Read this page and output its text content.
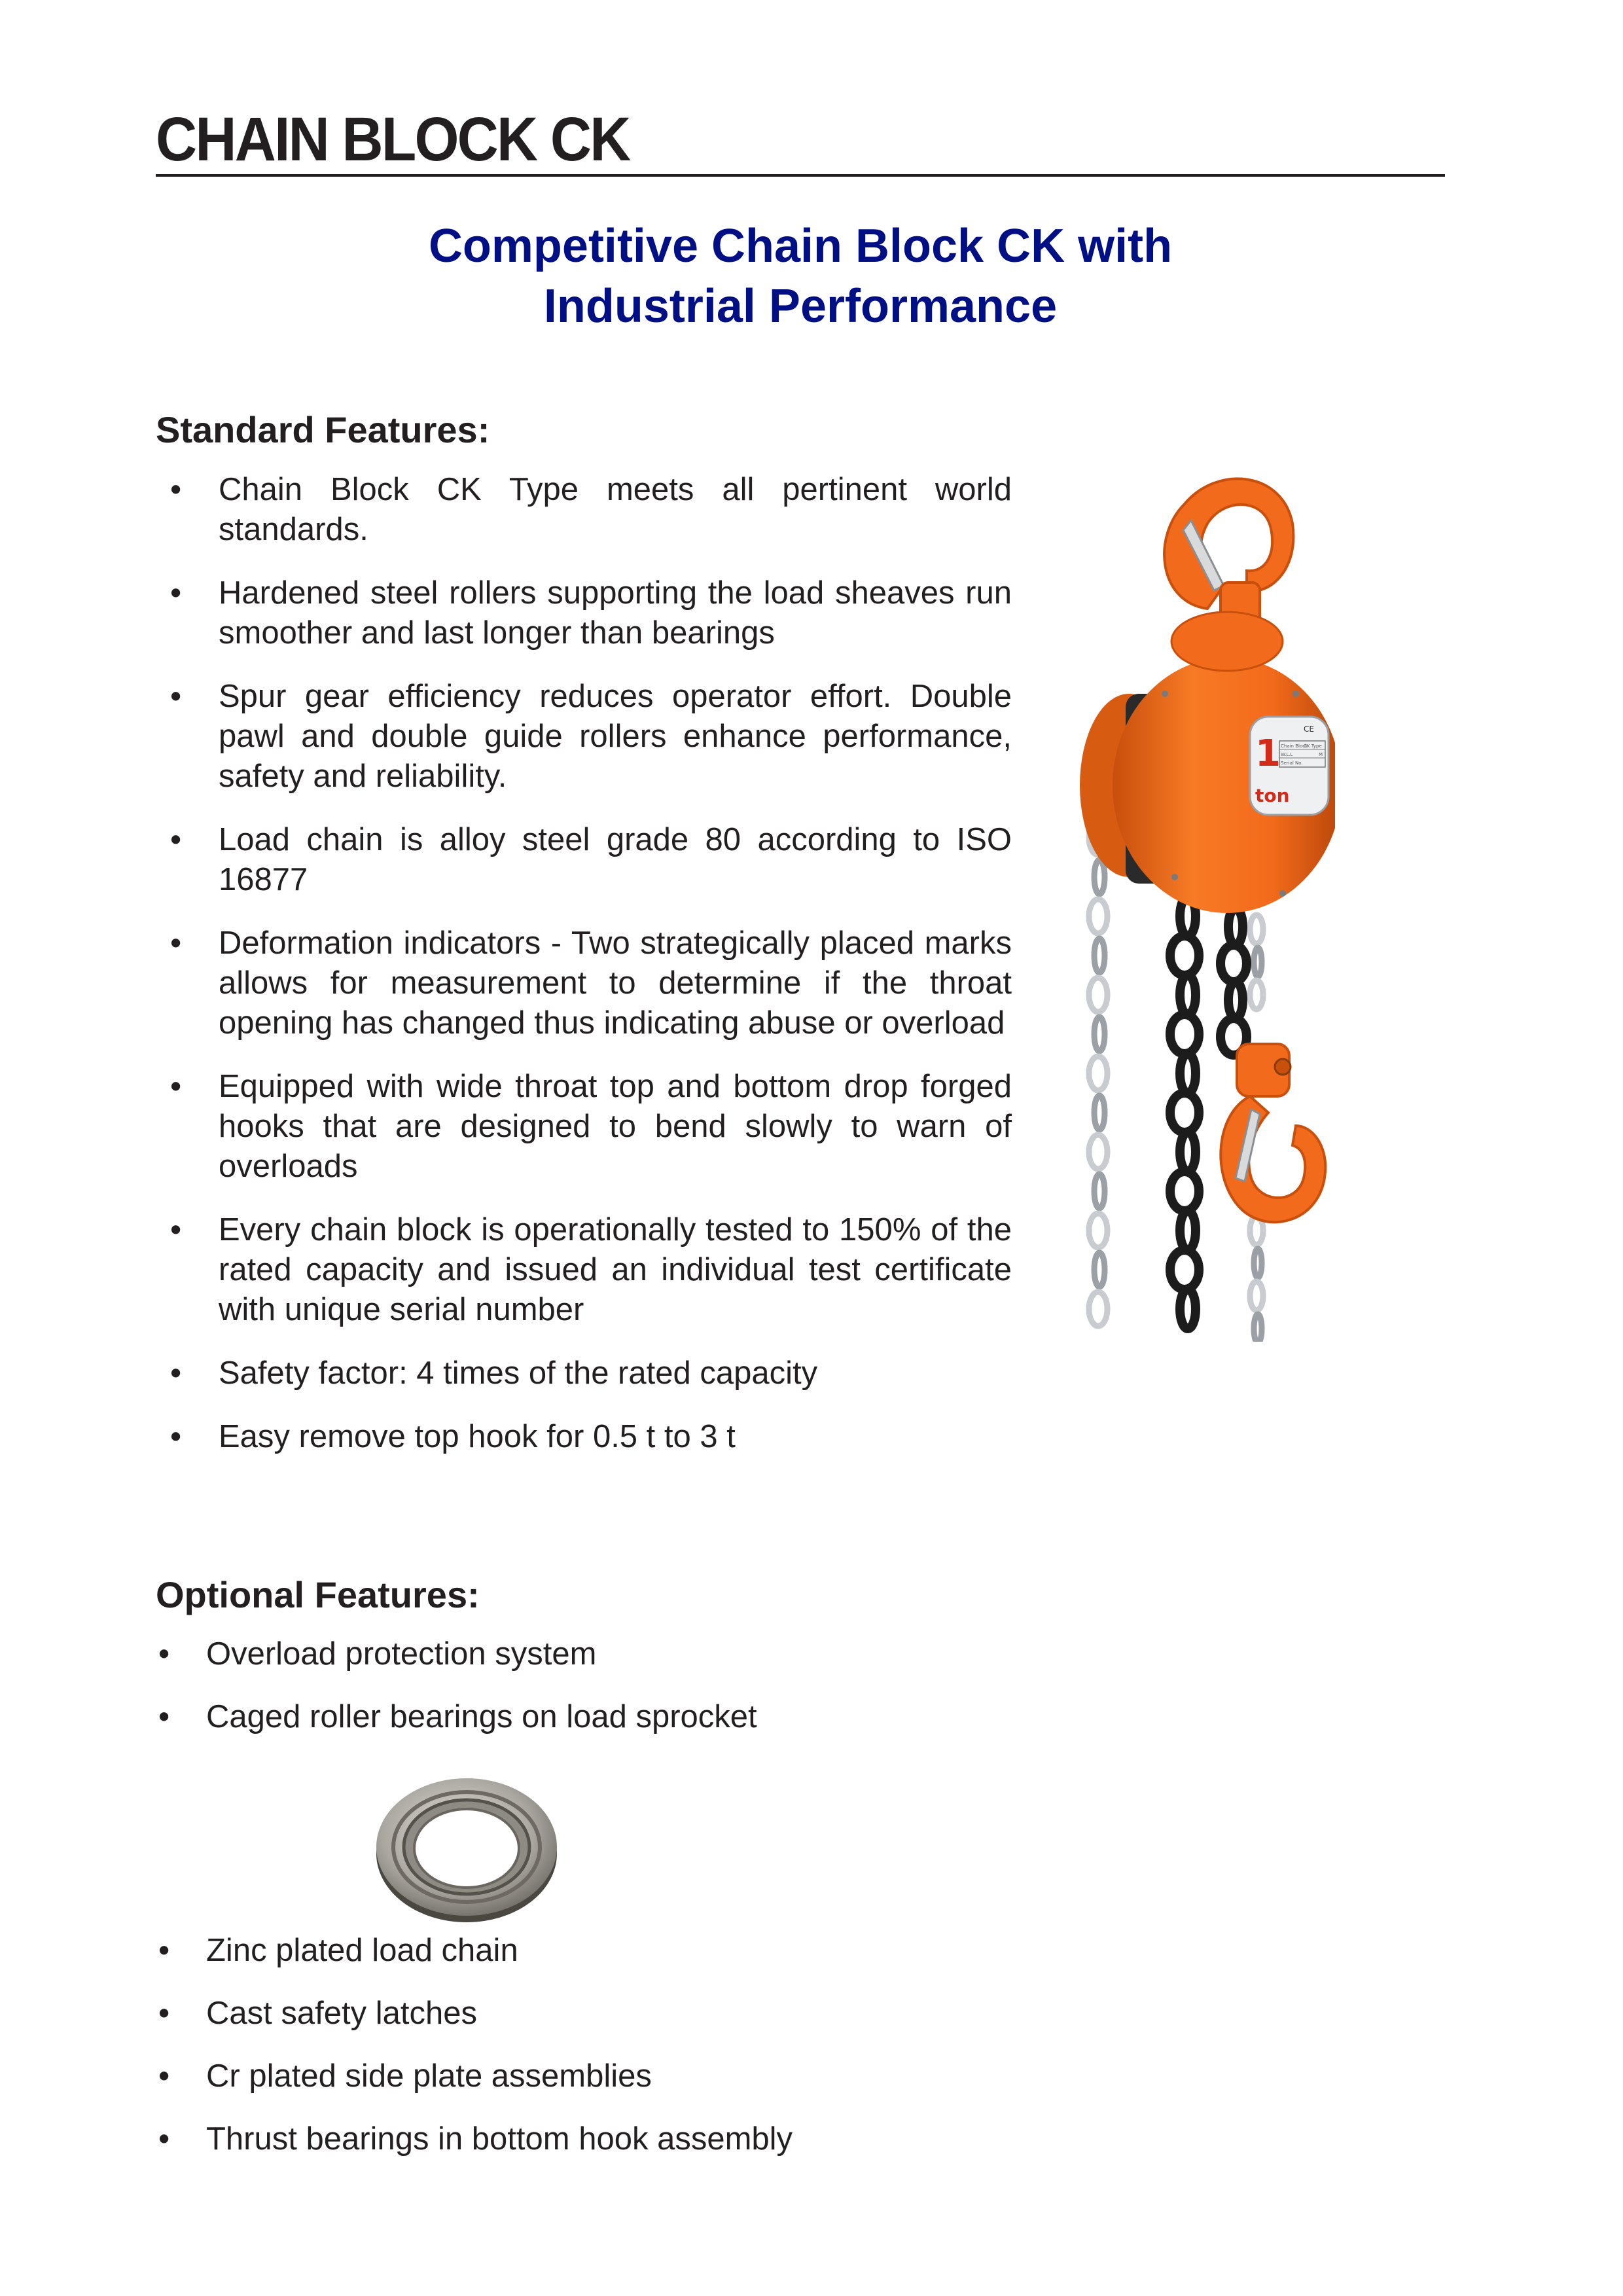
CHAIN BLOCK CK
Competitive Chain Block CK with
Industrial Performance
Standard Features:
• Chain Block CK Type meets all pertinent world standards.
• Hardened steel rollers supporting the load sheaves run smoother and last longer than bearings
• Spur gear efficiency reduces operator effort. Double pawl and double guide rollers enhance performance, safety and reliability.
• Load chain is alloy steel grade 80 according to ISO 16877
• Deformation indicators - Two strategically placed marks allows for measurement to determine if the throat opening has changed thus indicating abuse or overload
• Equipped with wide throat top and bottom drop forged hooks that are designed to bend slowly to warn of overloads
• Every chain block is operationally tested to 150% of the rated capacity and issued an individual test certificate with unique serial number
• Safety factor: 4 times of the rated capacity
• Easy remove top hook for 0.5 t to 3 t
1
ton
CE
Chain Block
CK Type
W.L.L	M
Serial No.
Optional Features:
• Overload protection system
• Caged roller bearings on load sprocket
• Zinc plated load chain
• Cast safety latches
• Cr plated side plate assemblies
• Thrust bearings in bottom hook assembly
